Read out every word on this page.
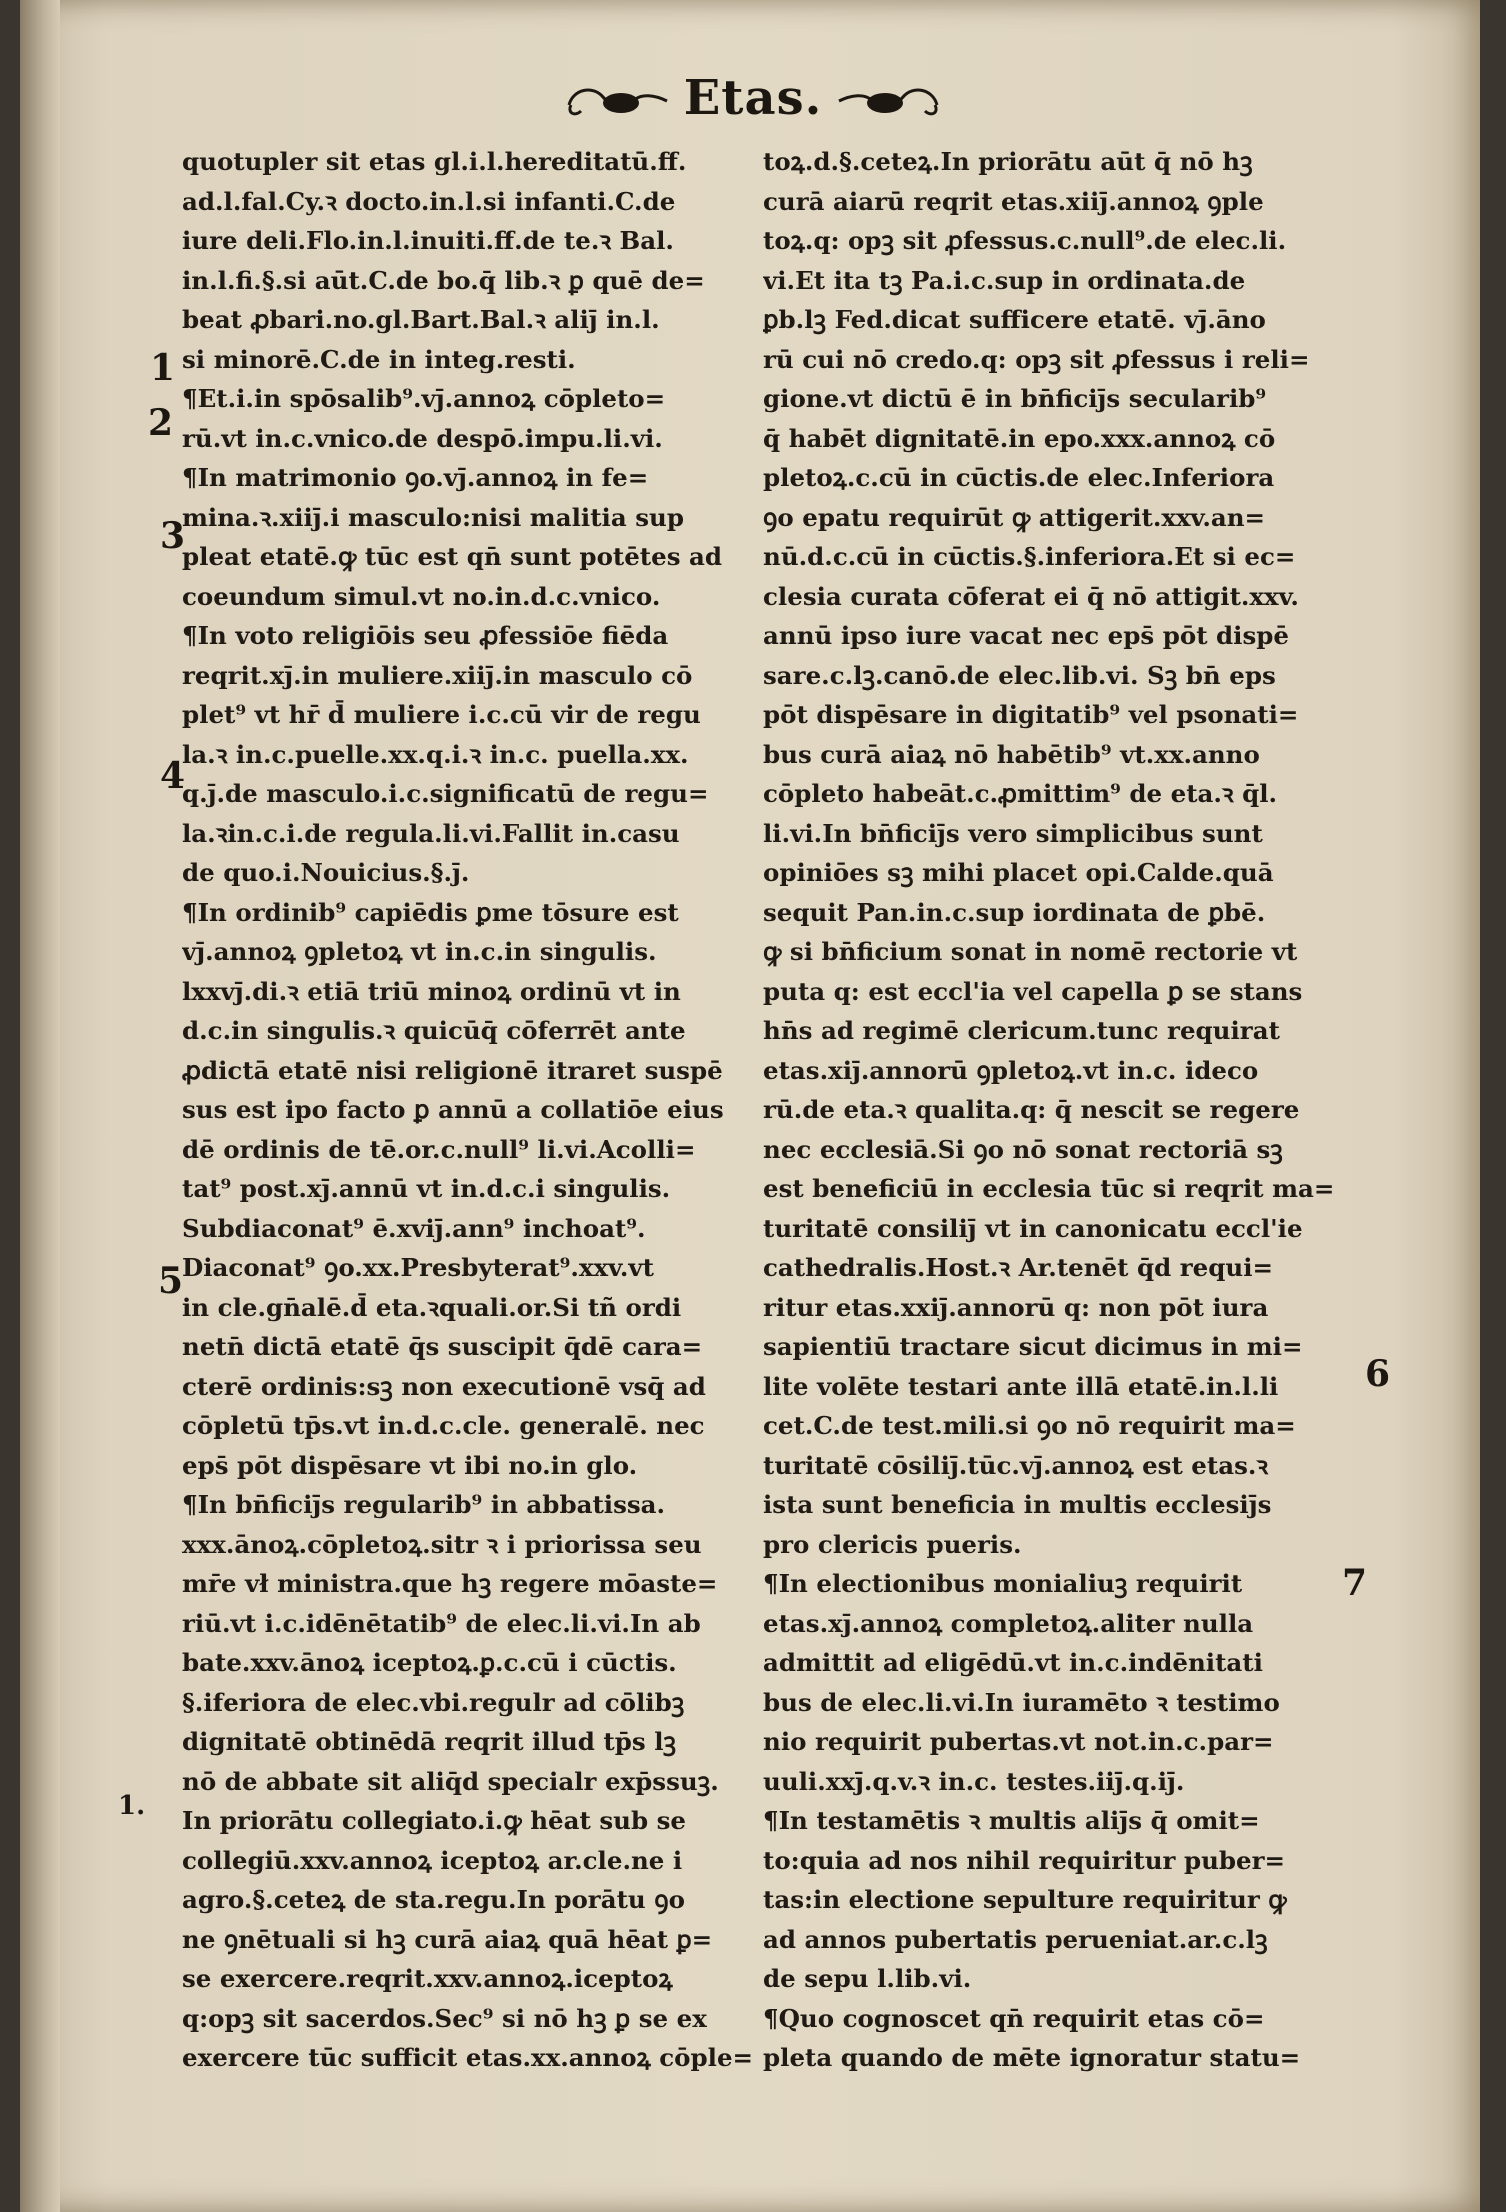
Etas.
quotupler sit etas gl.i.l.hereditatū.ff.
ad.l.fal.Cy.ꝛ docto.in.l.si infanti.C.de
iure deli.Flo.in.l.inuiti.ff.de te.ꝛ Bal.
in.l.fi.§.si aūt.C.de bo.q̄ lib.ꝛ ꝑ quē de=
beat ꝓbari.no.gl.Bart.Bal.ꝛ aliȷ̄ in.l.
si minorē.C.de in integ.resti.
¶Et.i.in spōsalib⁹.vȷ̄.annoꝝ cōpleto=
rū.vt in.c.vnico.de despō.impu.li.vi.
¶In matrimonio ꝯo.vȷ̄.annoꝝ in fe=
mina.ꝛ.xiiȷ̄.i masculo:nisi malitia sup
pleat etatē.ꝙ tūc est qn̄ sunt potētes ad
coeundum simul.vt no.in.d.c.vnico.
¶In voto religiōis seu ꝓfessiōe fiēda
reqrit.xȷ̄.in muliere.xiiȷ̄.in masculo cō
plet⁹ vt hr̄ d̄ muliere i.c.cū vir de regu
la.ꝛ in.c.puelle.xx.q.i.ꝛ in.c. puella.xx.
q.ȷ̄.de masculo.i.c.significatū de regu=
la.ꝛin.c.i.de regula.li.vi.Fallit in.casu
de quo.i.Nouicius.§.ȷ̄.
¶In ordinib⁹ capiēdis ꝑme tōsure est
vȷ̄.annoꝝ ꝯpletoꝝ vt in.c.in singulis.
lxxvȷ̄.di.ꝛ etiā triū minoꝝ ordinū vt in
d.c.in singulis.ꝛ quicūq̄ cōferrēt ante
ꝓdictā etatē nisi religionē itraret suspē
sus est ipo facto ꝑ annū a collatiōe eius
dē ordinis de tē.or.c.null⁹ li.vi.Acolli=
tat⁹ post.xȷ̄.annū vt in.d.c.i singulis.
Subdiaconat⁹ ē.xviȷ̄.ann⁹ inchoat⁹.
Diaconat⁹ ꝯo.xx.Presbyterat⁹.xxv.vt
in cle.gn̄alē.d̄ eta.ꝛquali.or.Si tñ ordi
netn̄ dictā etatē q̄s suscipit q̄dē cara=
cterē ordinis:sꝫ non executionē vsq̄ ad
cōpletū tp̄s.vt in.d.c.cle. generalē. nec
eps̄ pōt dispēsare vt ibi no.in glo.
¶In bn̄ficiȷ̄s regularib⁹ in abbatissa.
xxx.ānoꝝ.cōpletoꝝ.sitr ꝛ i priorissa seu
mr̄e vł ministra.que hꝫ regere mōaste=
riū.vt i.c.idēnētatib⁹ de elec.li.vi.In ab
bate.xxv.ānoꝝ iceptoꝝ.ꝑ.c.cū i cūctis.
§.iferiora de elec.vbi.regulr ad cōlibꝫ
dignitatē obtinēdā reqrit illud tp̄s lꝫ
nō de abbate sit aliq̄d specialr exp̄ssuꝫ.
In priorātu collegiato.i.ꝙ hēat sub se
collegiū.xxv.annoꝝ iceptoꝝ ar.cle.ne i
agro.§.ceteꝝ de sta.regu.In porātu ꝯo
ne ꝯnētuali si hꝫ curā aiaꝝ quā hēat ꝑ=
se exercere.reqrit.xxv.annoꝝ.iceptoꝝ
q:opꝫ sit sacerdos.Sec⁹ si nō hꝫ ꝑ se ex
exercere tūc sufficit etas.xx.annoꝝ cōple=
toꝝ.d.§.ceteꝝ.In priorātu aūt q̄ nō hꝫ
curā aiarū reqrit etas.xiiȷ̄.annoꝝ ꝯple
toꝝ.q: opꝫ sit ꝓfessus.c.null⁹.de elec.li.
vi.Et ita tꝫ Pa.i.c.sup in ordinata.de
ꝑb.lꝫ Fed.dicat sufficere etatē. vȷ̄.āno
rū cui nō credo.q: opꝫ sit ꝓfessus i reli=
gione.vt dictū ē in bn̄ficiȷ̄s secularib⁹
q̄ habēt dignitatē.in epo.xxx.annoꝝ cō
pletoꝝ.c.cū in cūctis.de elec.Inferiora
ꝯo epatu requirūt ꝙ attigerit.xxv.an=
nū.d.c.cū in cūctis.§.inferiora.Et si ec=
clesia curata cōferat ei q̄ nō attigit.xxv.
annū ipso iure vacat nec eps̄ pōt dispē
sare.c.lꝫ.canō.de elec.lib.vi. Sꝫ bn̄ eps
pōt dispēsare in digitatib⁹ vel psonati=
bus curā aiaꝝ nō habētib⁹ vt.xx.anno
cōpleto habeāt.c.ꝓmittim⁹ de eta.ꝛ q̄l.
li.vi.In bn̄ficiȷ̄s vero simplicibus sunt
opiniōes sꝫ mihi placet opi.Calde.quā
sequit Pan.in.c.sup iordinata de ꝑbē.
ꝙ si bn̄ficium sonat in nomē rectorie vt
puta q: est eccl'ia vel capella ꝑ se stans
hn̄s ad regimē clericum.tunc requirat
etas.xiȷ̄.annorū ꝯpletoꝝ.vt in.c. ideco
rū.de eta.ꝛ qualita.q: q̄ nescit se regere
nec ecclesiā.Si ꝯo nō sonat rectoriā sꝫ
est beneficiū in ecclesia tūc si reqrit ma=
turitatē consiliȷ̄ vt in canonicatu eccl'ie
cathedralis.Host.ꝛ Ar.tenēt q̄d requi=
ritur etas.xxiȷ̄.annorū q: non pōt iura
sapientiū tractare sicut dicimus in mi=
lite volēte testari ante illā etatē.in.l.li
cet.C.de test.mili.si ꝯo nō requirit ma=
turitatē cōsiliȷ̄.tūc.vȷ̄.annoꝝ est etas.ꝛ
ista sunt beneficia in multis ecclesiȷ̄s
pro clericis pueris.
¶In electionibus monialiuꝫ requirit
etas.xȷ̄.annoꝝ completoꝝ.aliter nulla
admittit ad eligēdū.vt in.c.indēnitati
bus de elec.li.vi.In iuramēto ꝛ testimo
nio requirit pubertas.vt not.in.c.par=
uuli.xxȷ̄.q.v.ꝛ in.c. testes.iiȷ̄.q.iȷ̄.
¶In testamētis ꝛ multis aliȷ̄s q̄ omit=
to:quia ad nos nihil requiritur puber=
tas:in electione sepulture requiritur ꝙ
ad annos pubertatis perueniat.ar.c.lꝫ
de sepu l.lib.vi.
¶Quo cognoscet qn̄ requirit etas cō=
pleta quando de mēte ignoratur statu=
1
2
3
4
5
6
7
1.
